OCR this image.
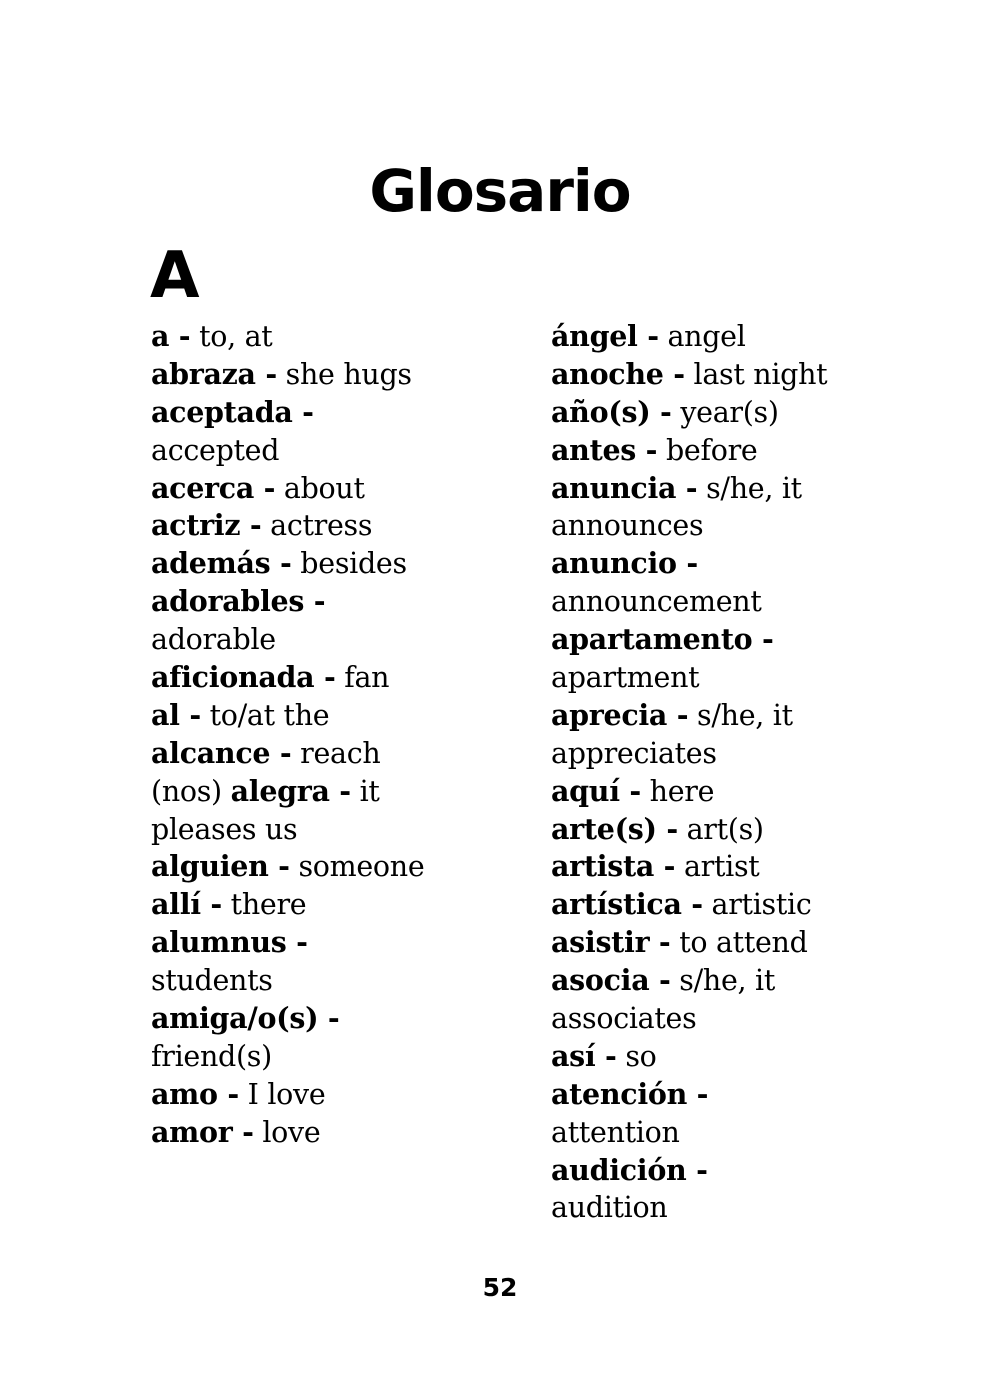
Glosario
A
a - to, at
abraza - she hugs
aceptada -
accepted
acerca - about
actriz - actress
además - besides
adorables -
adorable
aficionada - fan
al - to/at the
alcance - reach
(nos) alegra - it
pleases us
alguien - someone
allí - there
alumnus -
students
amiga/o(s) -
friend(s)
amo - I love
amor - love
ángel - angel
anoche - last night
año(s) - year(s)
antes - before
anuncia - s/he, it
announces
anuncio -
announcement
apartamento -
apartment
aprecia - s/he, it
appreciates
aquí - here
arte(s) - art(s)
artista - artist
artística - artistic
asistir - to attend
asocia - s/he, it
associates
así - so
atención -
attention
audición -
audition
52
